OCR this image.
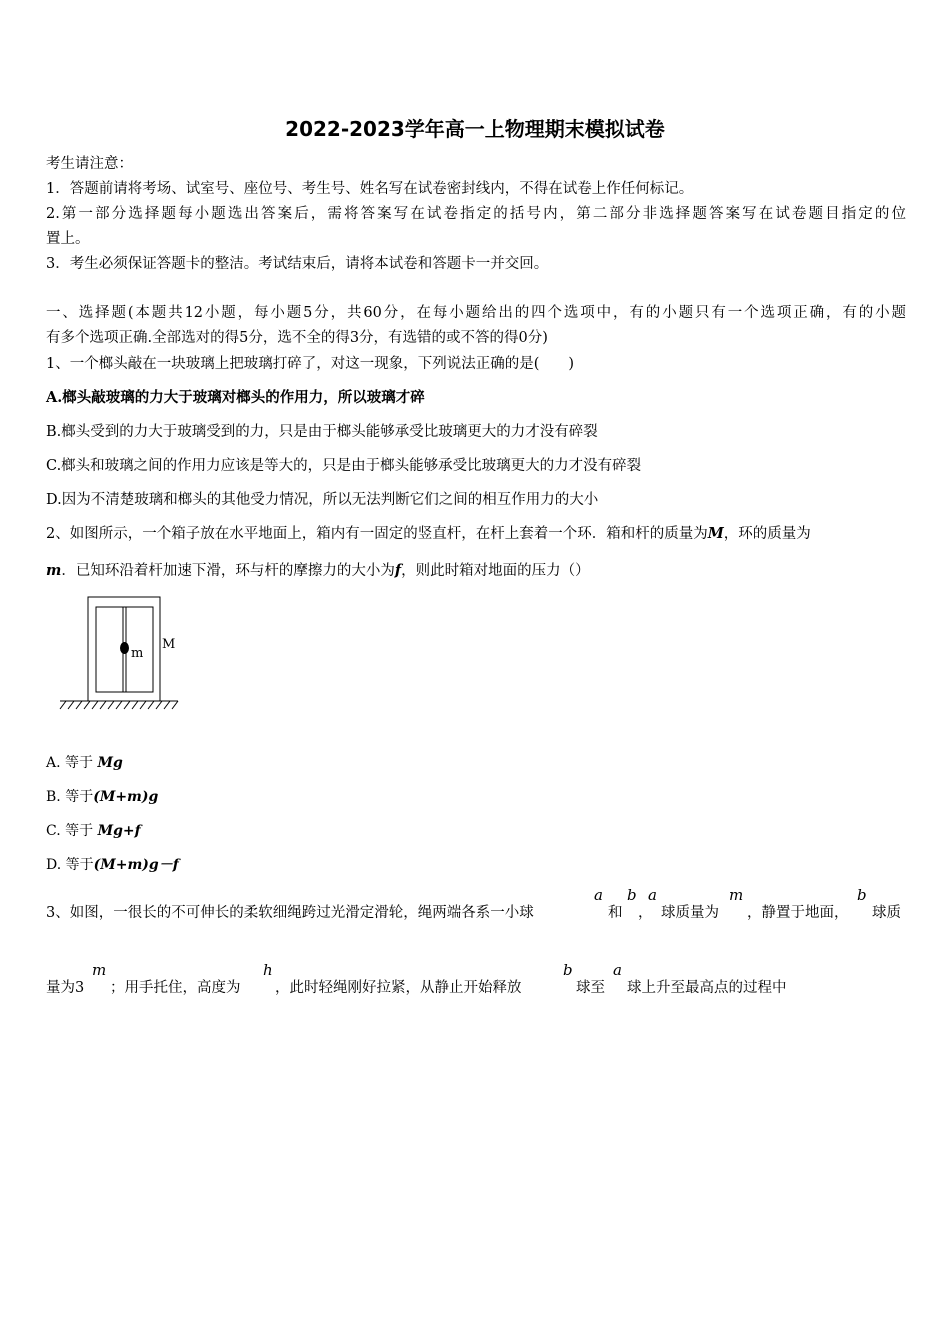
2022-2023学年高一上物理期末模拟试卷
考生请注意：
1．答题前请将考场、试室号、座位号、考生号、姓名写在试卷密封线内，不得在试卷上作任何标记。
2.第一部分选择题每小题选出答案后，需将答案写在试卷指定的括号内，第二部分非选择题答案写在试卷题目指定的位
置上。
3．考生必须保证答题卡的整洁。考试结束后，请将本试卷和答题卡一并交回。
一、选择题(本题共12小题，每小题5分，共60分，在每小题给出的四个选项中，有的小题只有一个选项正确，有的小题
有多个选项正确.全部选对的得5分，选不全的得3分，有选错的或不答的得0分)
1、一个榔头敲在一块玻璃上把玻璃打碎了，对这一现象，下列说法正确的是(　　)
A.榔头敲玻璃的力大于玻璃对榔头的作用力，所以玻璃才碎
B.榔头受到的力大于玻璃受到的力，只是由于榔头能够承受比玻璃更大的力才没有碎裂
C.榔头和玻璃之间的作用力应该是等大的，只是由于榔头能够承受比玻璃更大的力才没有碎裂
D.因为不清楚玻璃和榔头的其他受力情况，所以无法判断它们之间的相互作用力的大小
2、如图所示，一个箱子放在水平地面上，箱内有一固定的竖直杆，在杆上套着一个环．箱和杆的质量为M，环的质量为
m．已知环沿着杆加速下滑，环与杆的摩擦力的大小为f，则此时箱对地面的压力（）
m
M
A. 等于 Mg
B. 等于(M+m)g
C. 等于 Mg+f
D. 等于(M+m)g－f
3、如图，一很长的不可伸长的柔软细绳跨过光滑定滑轮，绳两端各系一小球
a
和
b
，
a
球质量为
m
，静置于地面，
b
球质
量为3
m
；用手托住，高度为
h
，此时轻绳刚好拉紧，从静止开始释放
b
球至
a
球上升至最高点的过程中
